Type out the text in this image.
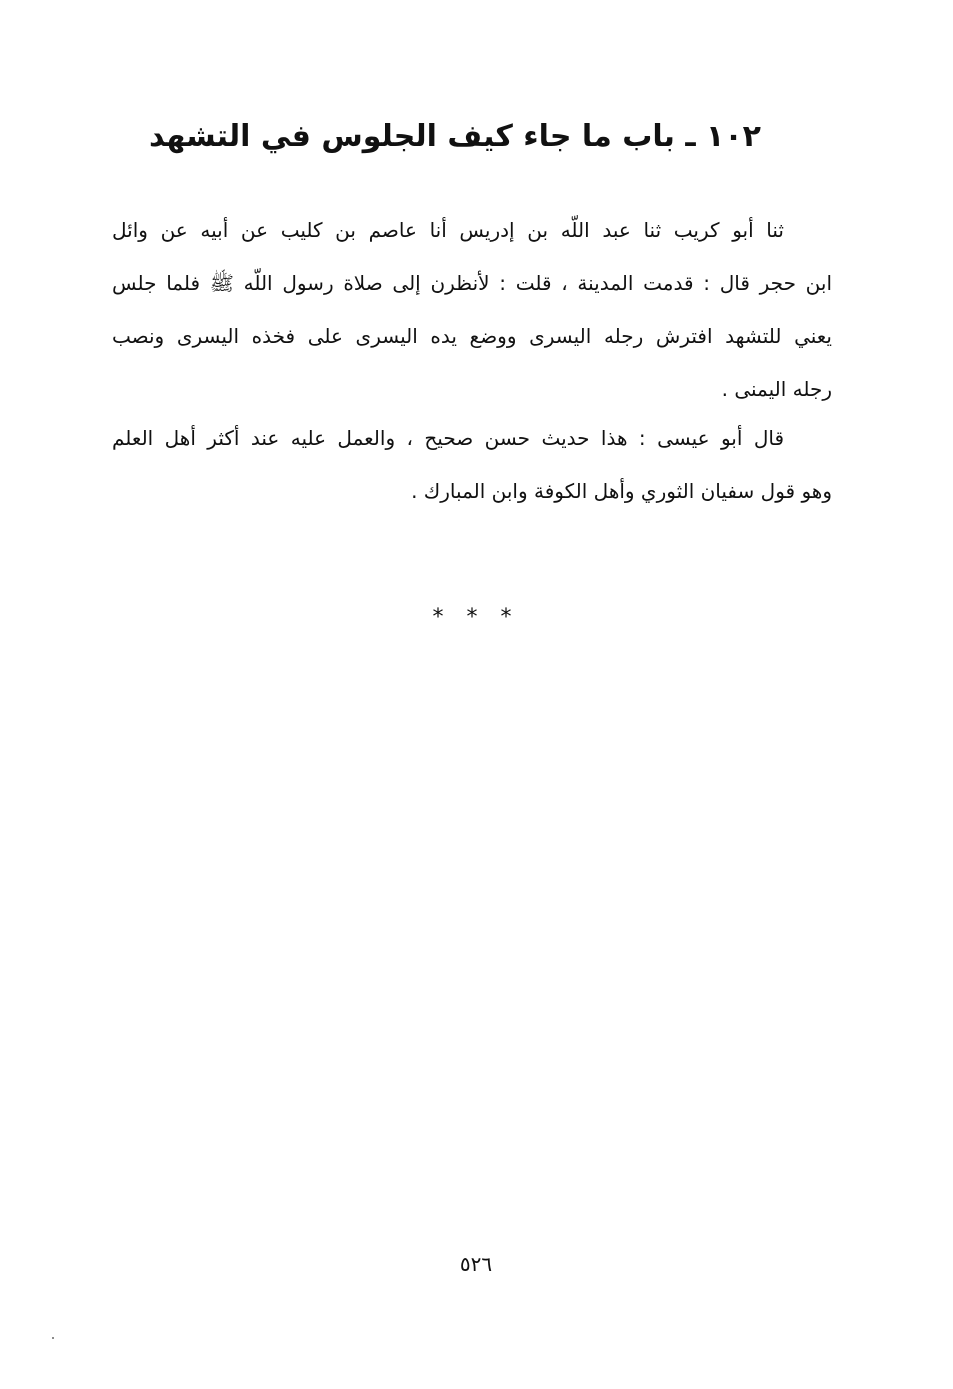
١٠٢ ـ باب ما جاء كيف الجلوس في التشهد
ثنا أبو كريب ثنا عبد اللّه بن إدريس أنا عاصم بن كليب عن أبيه عن وائل
ابن حجر قال : قدمت المدينة ، قلت : لأنظرن إلى صلاة رسول اللّه ﷺ فلما جلس
يعني للتشهد افترش رجله اليسرى ووضع يده اليسرى على فخذه اليسرى ونصب
رجله اليمنى .
قال أبو عيسى : هذا حديث حسن صحيح ، والعمل عليه عند أكثر أهل العلم
وهو قول سفيان الثوري وأهل الكوفة وابن المبارك .
* * *
٥٢٦
